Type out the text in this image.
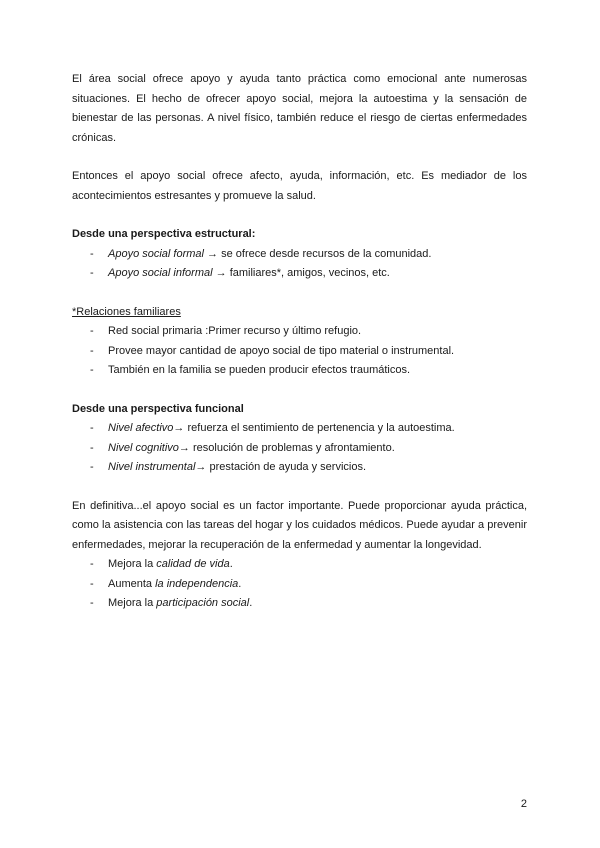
El área social ofrece apoyo y ayuda tanto práctica como emocional ante numerosas situaciones. El hecho de ofrecer apoyo social, mejora la autoestima y la sensación de bienestar de las personas. A nivel físico, también reduce el riesgo de ciertas enfermedades crónicas.

Entonces el apoyo social ofrece afecto, ayuda, información, etc. Es mediador de los acontecimientos estresantes y promueve la salud.

Desde una perspectiva estructural:
- Apoyo social formal → se ofrece desde recursos de la comunidad.
- Apoyo social informal → familiares*, amigos, vecinos, etc.
*Relaciones familiares
- Red social primaria :Primer recurso y último refugio.
- Provee mayor cantidad de apoyo social de tipo material o instrumental.
- También en la familia se pueden producir efectos traumáticos.
Desde una perspectiva funcional
- Nivel afectivo→ refuerza el sentimiento de pertenencia y la autoestima.
- Nivel cognitivo→ resolución de problemas y afrontamiento.
- Nivel instrumental→ prestación de ayuda y servicios.

En definitiva...el apoyo social es un factor importante. Puede proporcionar ayuda práctica, como la asistencia con las tareas del hogar y los cuidados médicos. Puede ayudar a prevenir enfermedades, mejorar la recuperación de la enfermedad y aumentar la longevidad.

- Mejora la calidad de vida.
- Aumenta la independencia.
- Mejora la participación social.
2
